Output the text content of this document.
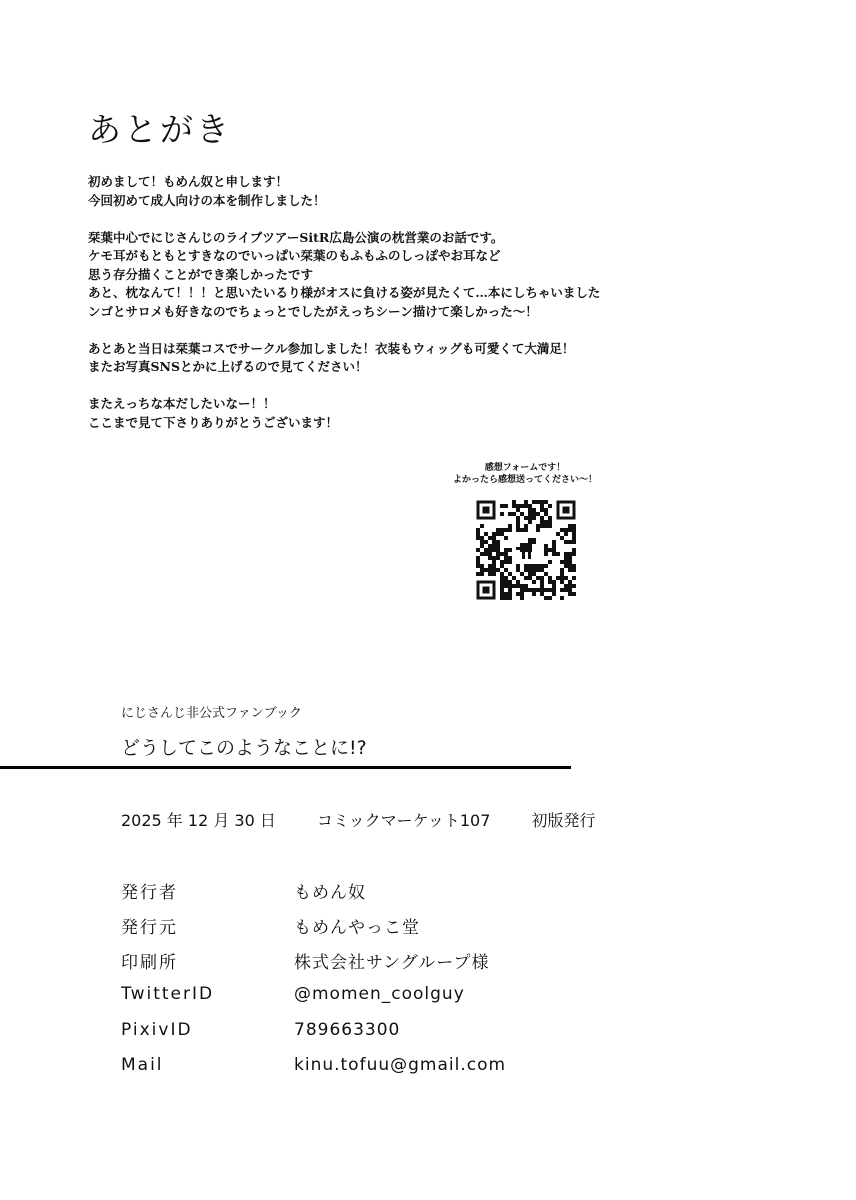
あとがき

初めまして！もめん奴と申します！

今回初めて成人向けの本を制作しました！

栞葉中心でにじさんじのライブツアーSitR広島公演の枕営業のお話です。

ケモ耳がもともとすきなのでいっぱい栞葉のもふもふのしっぽやお耳など

思う存分描くことができ楽しかったです

あと、枕なんて！！！と思いたいるり様がオスに負ける姿が見たくて…本にしちゃいました

ンゴとサロメも好きなのでちょっとでしたがえっちシーン描けて楽しかった～！

あとあと当日は栞葉コスでサークル参加しました！衣装もウィッグも可愛くて大満足！

またお写真SNSとかに上げるので見てください！

またえっちな本だしたいなー！！

ここまで見て下さりありがとうございます！

感想フォームです！
よかったら感想送ってください～！
にじさんじ非公式ファンブック
どうしてこのようなことに!?
2025 年 12 月 30 日	コミックマーケット107	初版発行
発行者	もめん奴
発行元	もめんやっこ堂
印刷所	株式会社サングループ様
TwitterID	@momen_coolguy
PixivID	789663300
Mail	kinu.tofuu@gmail.com
